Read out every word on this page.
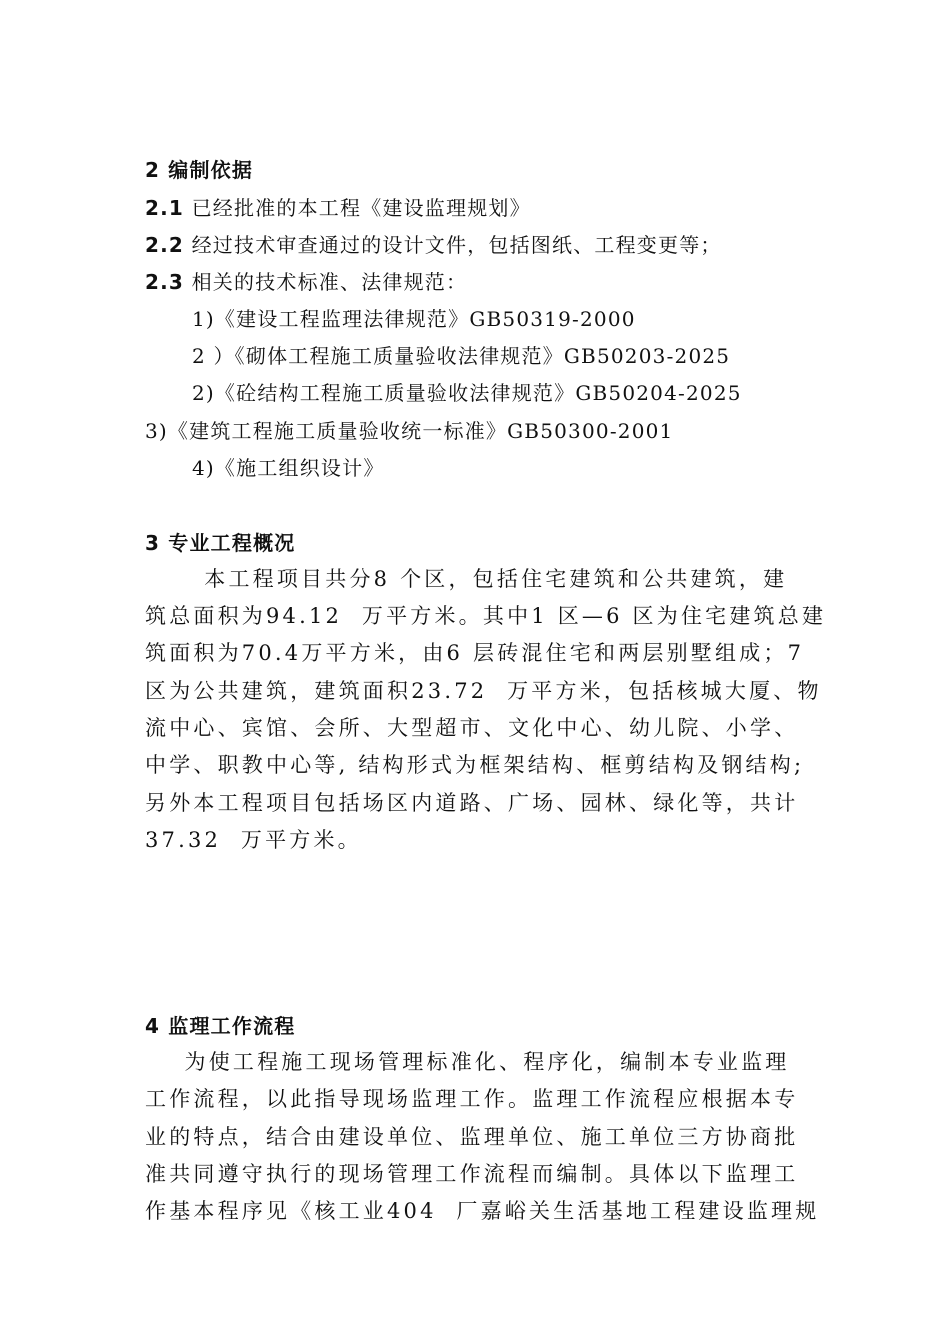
2 编制依据
2.1 已经批准的本工程《建设监理规划》
2.2 经过技术审查通过的设计文件，包括图纸、工程变更等；
2.3 相关的技术标准、法律规范：
1)《建设工程监理法律规范》GB50319-2000
2 ）《砌体工程施工质量验收法律规范》GB50203-2025
2)《砼结构工程施工质量验收法律规范》GB50204-2025
3)《建筑工程施工质量验收统一标准》GB50300-2001
4)《施工组织设计》
3 专业工程概况
本工程项目共分8 个区，包括住宅建筑和公共建筑，建
筑总面积为94.12  万平方米。其中1 区—6 区为住宅建筑总建
筑面积为70.4万平方米，由6 层砖混住宅和两层别墅组成；7
区为公共建筑，建筑面积23.72  万平方米，包括核城大厦、物
流中心、宾馆、会所、大型超市、文化中心、幼儿院、小学、
中学、职教中心等, 结构形式为框架结构、框剪结构及钢结构;
另外本工程项目包括场区内道路、广场、园林、绿化等，共计
37.32  万平方米。
4 监理工作流程
为使工程施工现场管理标准化、程序化，编制本专业监理
工作流程，以此指导现场监理工作。监理工作流程应根据本专
业的特点，结合由建设单位、监理单位、施工单位三方协商批
准共同遵守执行的现场管理工作流程而编制。具体以下监理工
作基本程序见《核工业404  厂嘉峪关生活基地工程建设监理规
